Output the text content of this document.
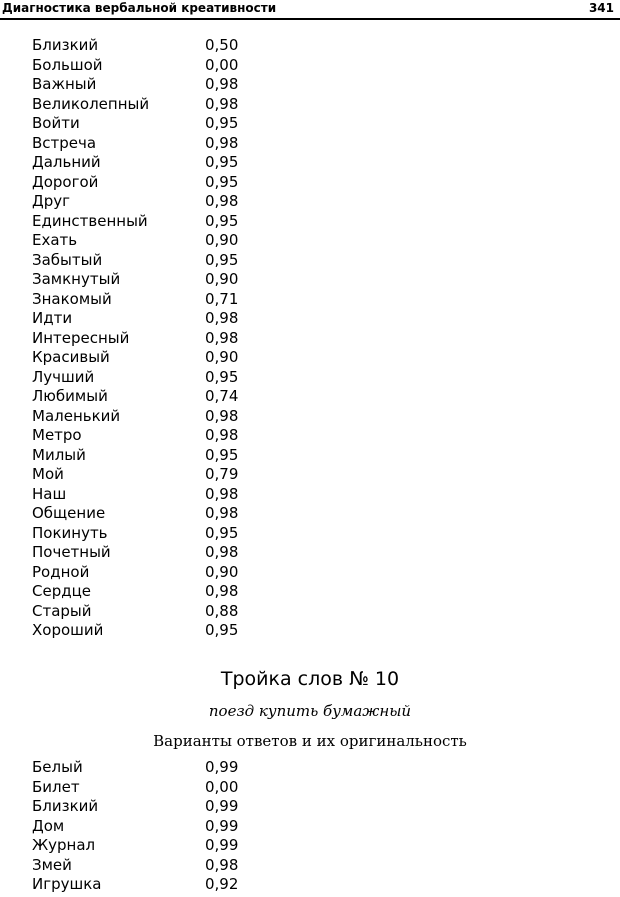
Диагностика вербальной креативности	341
Близкий	0,50
Большой	0,00
Важный	0,98
Великолепный	0,98
Войти	0,95
Встреча	0,98
Дальний	0,95
Дорогой	0,95
Друг	0,98
Единственный	0,95
Ехать	0,90
Забытый	0,95
Замкнутый	0,90
Знакомый	0,71
Идти	0,98
Интересный	0,98
Красивый	0,90
Лучший	0,95
Любимый	0,74
Маленький	0,98
Метро	0,98
Милый	0,95
Мой	0,79
Наш	0,98
Общение	0,98
Покинуть	0,95
Почетный	0,98
Родной	0,90
Сердце	0,98
Старый	0,88
Хороший	0,95
Тройка слов № 10
поезд купить бумажный
Варианты ответов и их оригинальность
Белый	0,99
Билет	0,00
Близкий	0,99
Дом	0,99
Журнал	0,99
Змей	0,98
Игрушка	0,92
